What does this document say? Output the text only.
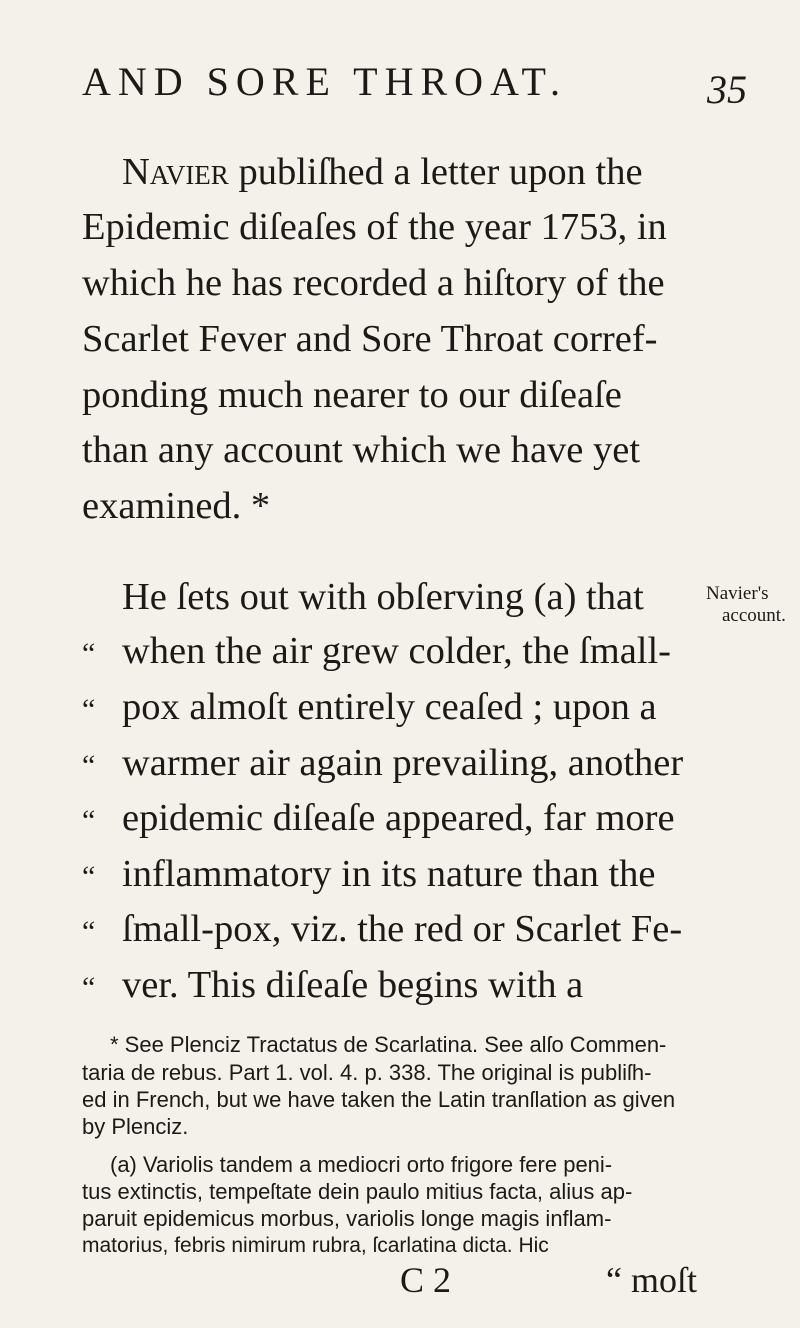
AND SORE THROAT.	35
Navier publiſhed a letter upon the
Epidemic diſeaſes of the year 1753, in
which he has recorded a hiſtory of the
Scarlet Fever and Sore Throat corref-
ponding much nearer to our diſeaſe
than any account which we have yet
examined. *
He ſets out with obſerving (a) that	Navier's
account.
“ when the air grew colder, the ſmall-
“ pox almoſt entirely ceaſed ; upon a
“ warmer air again prevailing, another
“ epidemic diſeaſe appeared, far more
“ inflammatory in its nature than the
“ ſmall-pox, viz. the red or Scarlet Fe-
“ ver. This diſeaſe begins with a
* See Plenciz Tractatus de Scarlatina. See alſo Commen-
taria de rebus. Part 1. vol. 4. p. 338. The original is publiſh-
ed in French, but we have taken the Latin tranſlation as given
by Plenciz.
(a) Variolis tandem a mediocri orto frigore fere peni-
tus extinctis, tempeſtate dein paulo mitius facta, alius ap-
paruit epidemicus morbus, variolis longe magis inflam-
matorius, febris nimirum rubra, ſcarlatina dicta. Hic
C 2	“ moſt
